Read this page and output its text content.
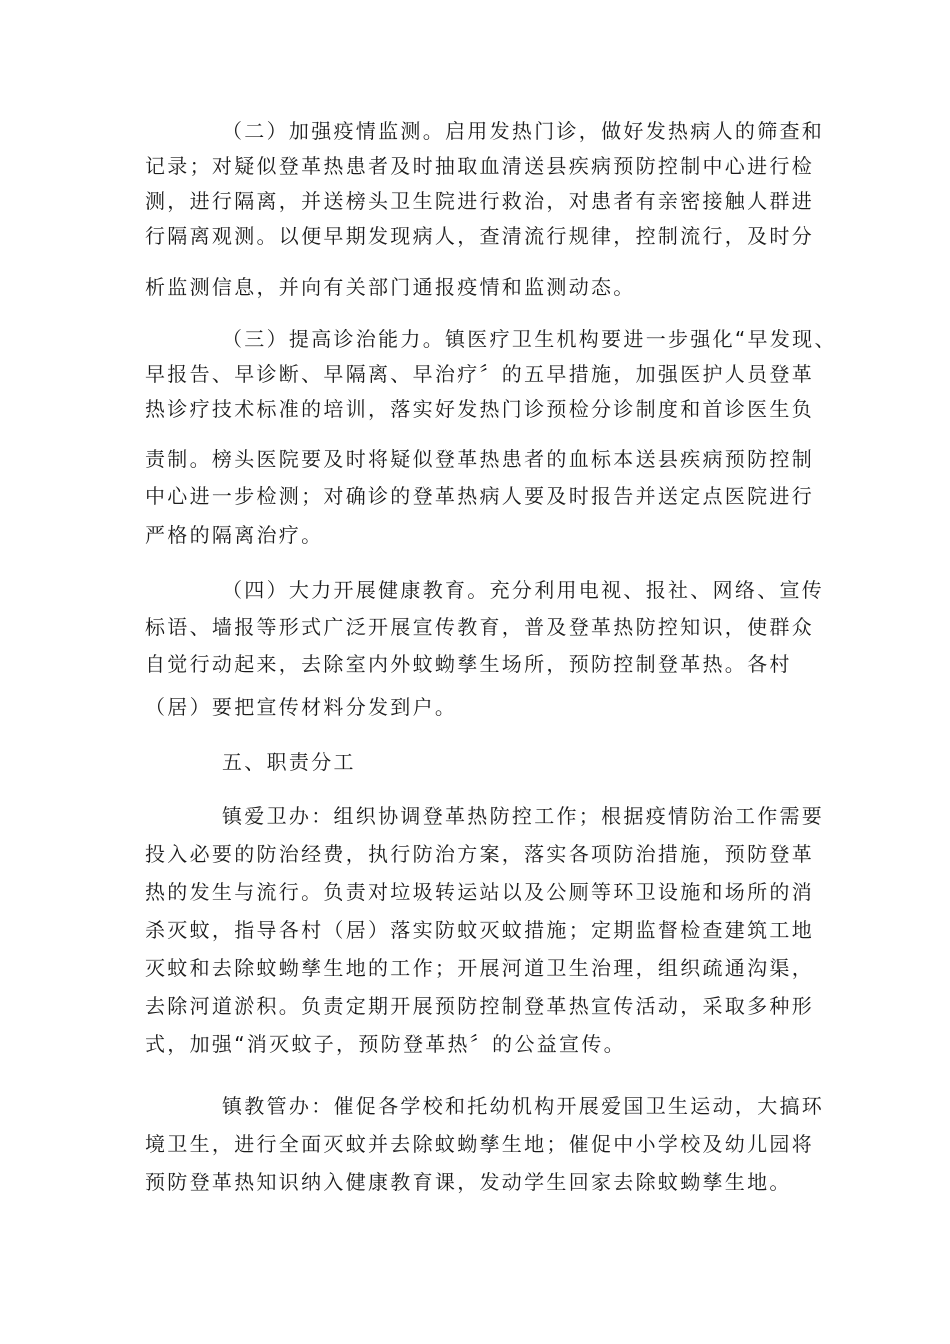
（二）加强疫情监测。启用发热门诊，做好发热病人的筛查和
记录；对疑似登革热患者及时抽取血清送县疾病预防控制中心进行检
测，进行隔离，并送榜头卫生院进行救治，对患者有亲密接触人群进
行隔离观测。以便早期发现病人，查清流行规律，控制流行，及时分
析监测信息，并向有关部门通报疫情和监测动态。
（三）提高诊治能力。镇医疗卫生机构要进一步强化“早发现、
早报告、早诊断、早隔离、早治疗〞的五早措施，加强医护人员登革
热诊疗技术标准的培训，落实好发热门诊预检分诊制度和首诊医生负
责制。榜头医院要及时将疑似登革热患者的血标本送县疾病预防控制
中心进一步检测；对确诊的登革热病人要及时报告并送定点医院进行
严格的隔离治疗。
（四）大力开展健康教育。充分利用电视、报社、网络、宣传
标语、墙报等形式广泛开展宣传教育，普及登革热防控知识，使群众
自觉行动起来，去除室内外蚊蚴孳生场所，预防控制登革热。各村
（居）要把宣传材料分发到户。
五、职责分工
镇爱卫办：组织协调登革热防控工作；根据疫情防治工作需要
投入必要的防治经费，执行防治方案，落实各项防治措施，预防登革
热的发生与流行。负责对垃圾转运站以及公厕等环卫设施和场所的消
杀灭蚊，指导各村（居）落实防蚊灭蚊措施；定期监督检查建筑工地
灭蚊和去除蚊蚴孳生地的工作；开展河道卫生治理，组织疏通沟渠，
去除河道淤积。负责定期开展预防控制登革热宣传活动，采取多种形
式，加强“消灭蚊子，预防登革热〞的公益宣传。
镇教管办：催促各学校和托幼机构开展爱国卫生运动，大搞环
境卫生，进行全面灭蚊并去除蚊蚴孳生地；催促中小学校及幼儿园将
预防登革热知识纳入健康教育课，发动学生回家去除蚊蚴孳生地。
